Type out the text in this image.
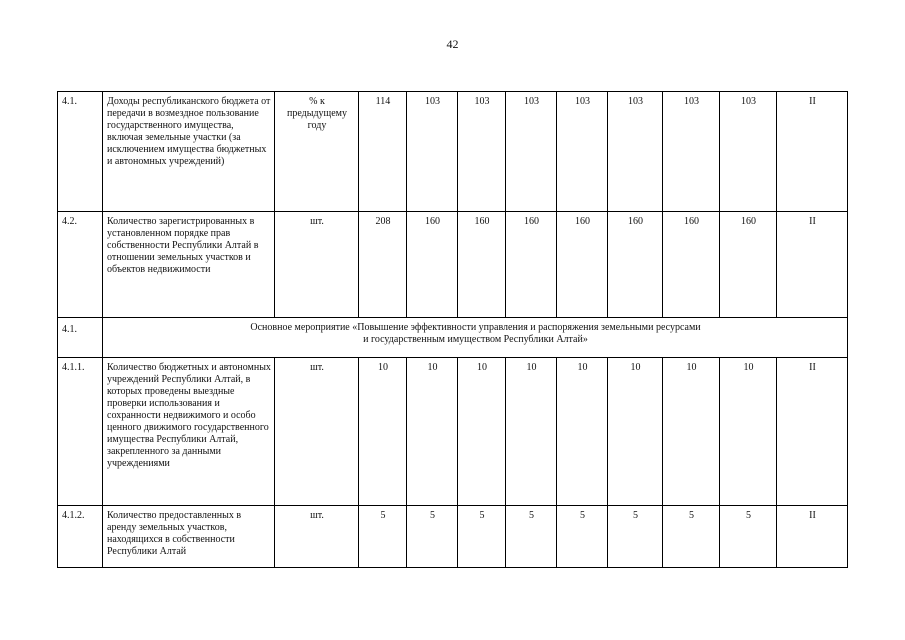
42
4.1.	Доходы республиканского бюджета от передачи в возмездное пользование государственного имущества, включая земельные участки (за исключением имущества бюджетных и автономных учреждений)	% к предыдущему году	114	103	103	103	103	103	103	103	II
4.2.	Количество зарегистрированных в установленном порядке прав собственности Республики Алтай в отношении земельных участков и объектов недвижимости	шт.	208	160	160	160	160	160	160	160	II
4.1.	Основное мероприятие «Повышение эффективности управления и распоряжения земельными ресурсами
и государственным имуществом Республики Алтай»										

4.1.1.	Количество бюджетных и автономных учреждений Республики Алтай, в которых проведены выездные проверки использования и сохранности недвижимого и особо ценного движимого государственного имущества Республики Алтай, закрепленного за данными учреждениями	шт.	10	10	10	10	10	10	10	10	II
4.1.2.	Количество предоставленных в аренду земельных участков, находящихся в собственности Республики Алтай	шт.	5	5	5	5	5	5	5	5	II
